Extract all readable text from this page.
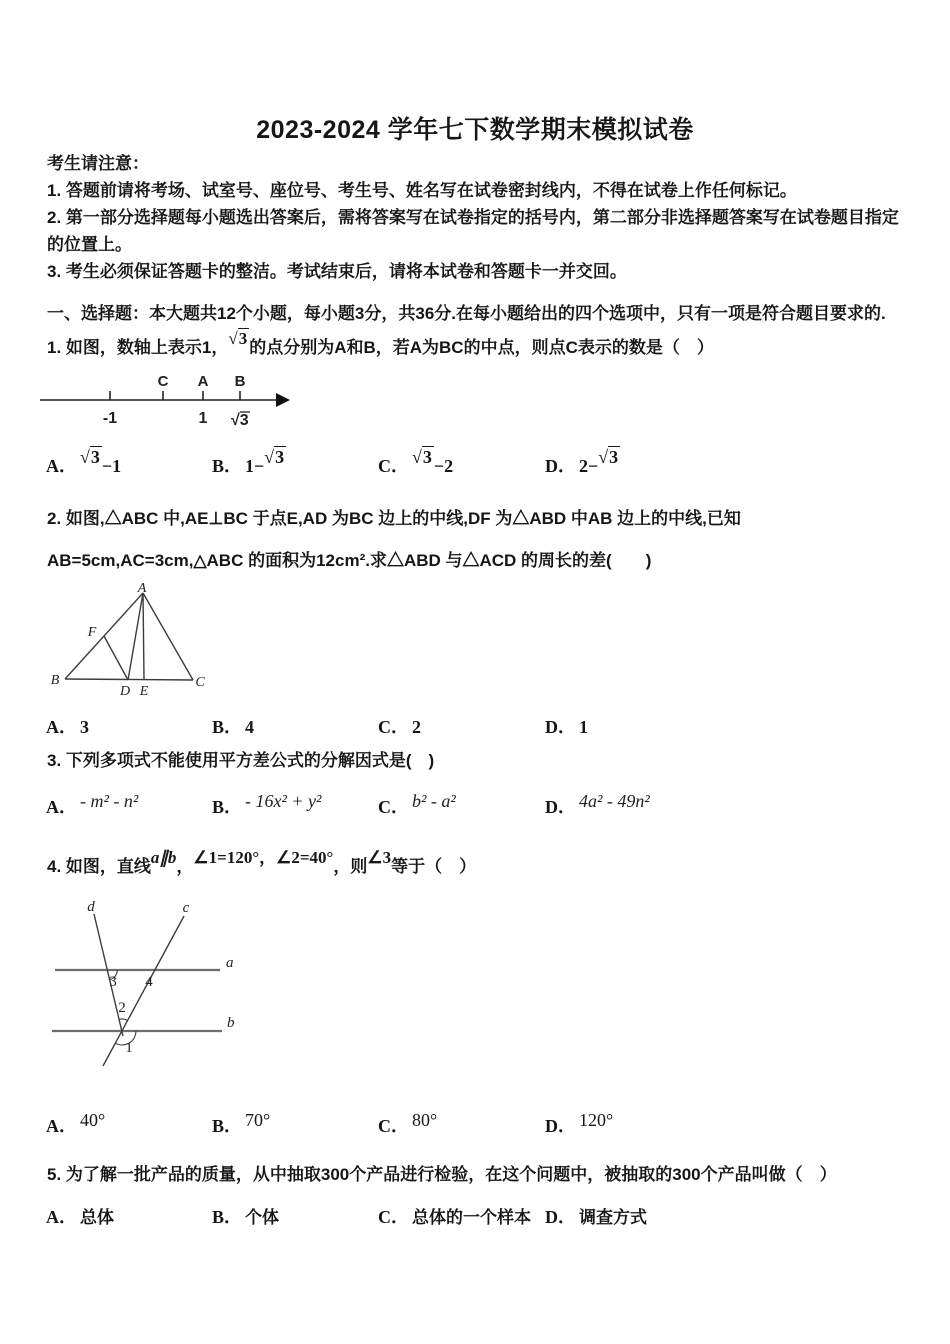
2023-2024 学年七下数学期末模拟试卷
考生请注意：

1. 答题前请将考场、试室号、座位号、考生号、姓名写在试卷密封线内，不得在试卷上作任何标记。

2. 第一部分选择题每小题选出答案后，需将答案写在试卷指定的括号内，第二部分非选择题答案写在试卷题目指定的位置上。

3. 考生必须保证答题卡的整洁。考试结束后，请将本试卷和答题卡一并交回。

一、选择题：本大题共12个小题，每小题3分，共36分.在每小题给出的四个选项中，只有一项是符合题目要求的.
1. 如图，数轴上表示1，√3 的点分别为A和B，若A为BC的中点，则点C表示的数是（　）
C A B
-1	1 √3
A． √3 −1	B． 1−√3	C． √3 −2	D． 2−√3
2. 如图,△ABC 中,AE⊥BC 于点E,AD 为BC 边上的中线,DF 为△ABD 中AB 边上的中线,已知
AB=5cm,AC=3cm,△ABC 的面积为12cm².求△ABD 与△ACD 的周长的差(　　)
A
B	C
D E
F
A． 3	B． 4	C． 2	D． 1
3. 下列多项式不能使用平方差公式的分解因式是(　)
A． - m² - n²	B． - 16x² + y²	C． b² - a²	D． 4a² - 49n²
4. 如图，直线a∥b，∠1=120°，∠2=40°，则∠3等于（　）
a
b
c
d
3 4
2
1
A． 40°	B． 70°	C． 80°	D． 120°
5. 为了解一批产品的质量，从中抽取300个产品进行检验，在这个问题中，被抽取的300个产品叫做（　）
A． 总体	B． 个体	C． 总体的一个样本 D． 调查方式
